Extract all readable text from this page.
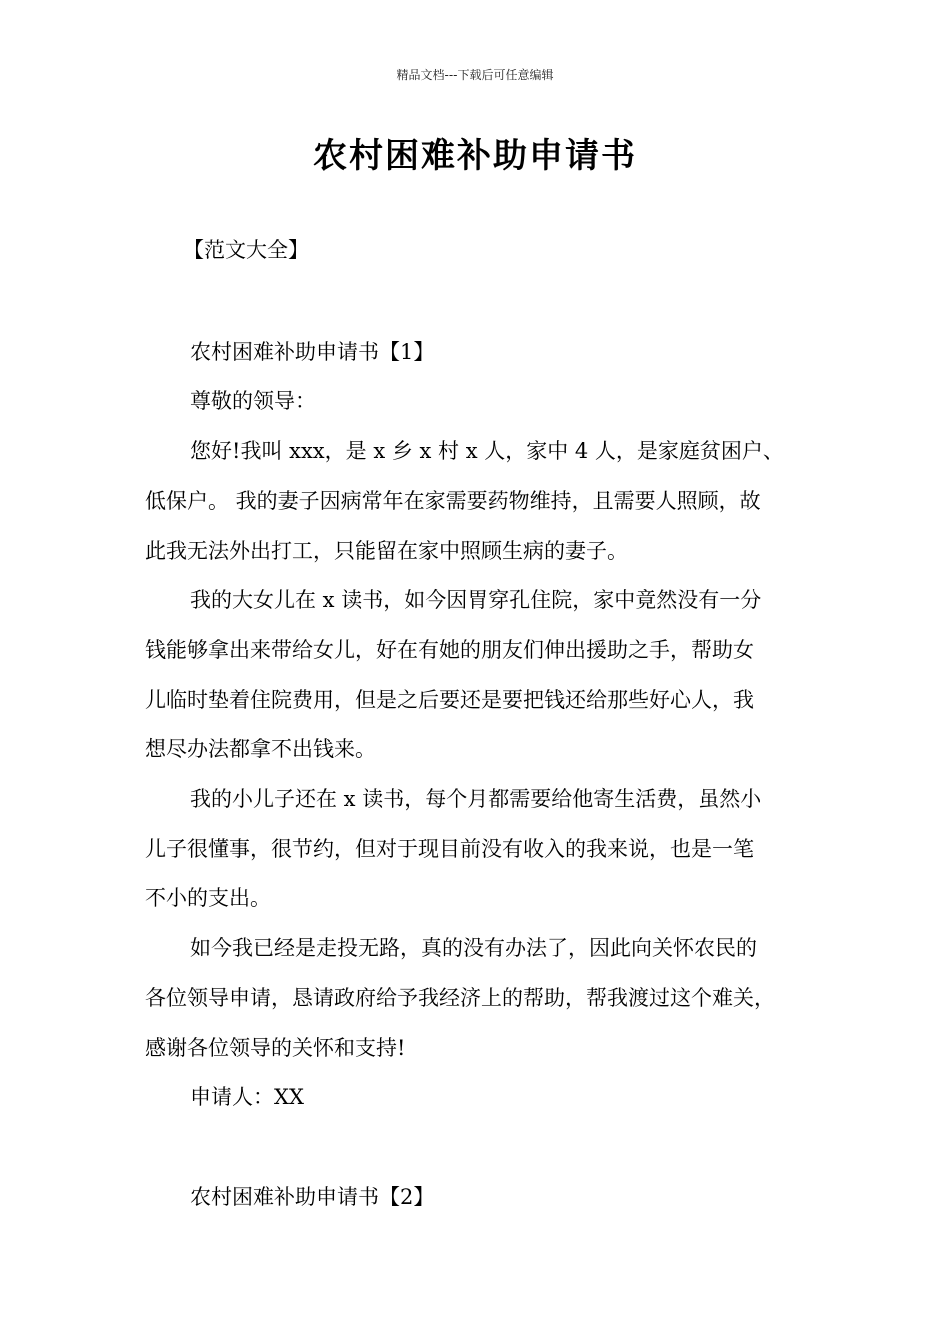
精品文档---下载后可任意编辑
农村困难补助申请书
【范文大全】
农村困难补助申请书【1】
尊敬的领导：
您好!我叫 xxx，是 x 乡 x 村 x 人，家中 4 人，是家庭贫困户、
低保户。 我的妻子因病常年在家需要药物维持，且需要人照顾，故
此我无法外出打工，只能留在家中照顾生病的妻子。
我的大女儿在 x 读书，如今因胃穿孔住院，家中竟然没有一分
钱能够拿出来带给女儿，好在有她的朋友们伸出援助之手，帮助女
儿临时垫着住院费用，但是之后要还是要把钱还给那些好心人，我
想尽办法都拿不出钱来。
我的小儿子还在 x 读书，每个月都需要给他寄生活费，虽然小
儿子很懂事，很节约，但对于现目前没有收入的我来说，也是一笔
不小的支出。
如今我已经是走投无路，真的没有办法了，因此向关怀农民的
各位领导申请，恳请政府给予我经济上的帮助，帮我渡过这个难关，
感谢各位领导的关怀和支持!
申请人：XX
农村困难补助申请书【2】
